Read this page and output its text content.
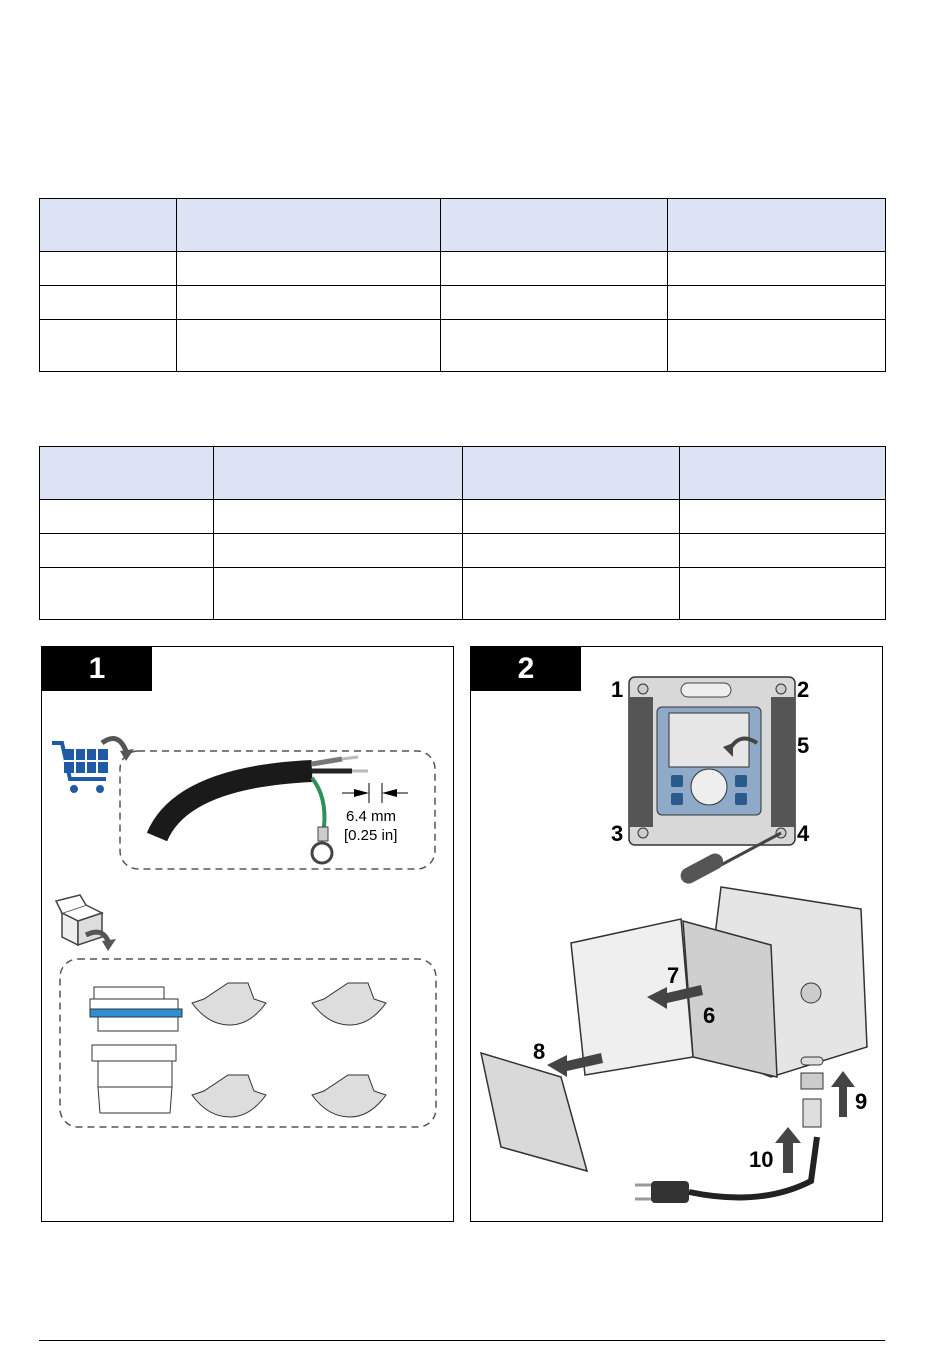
1
6.4 mm
[0.25 in]
2
1	2
3	4
5
6
7
8
9
10
